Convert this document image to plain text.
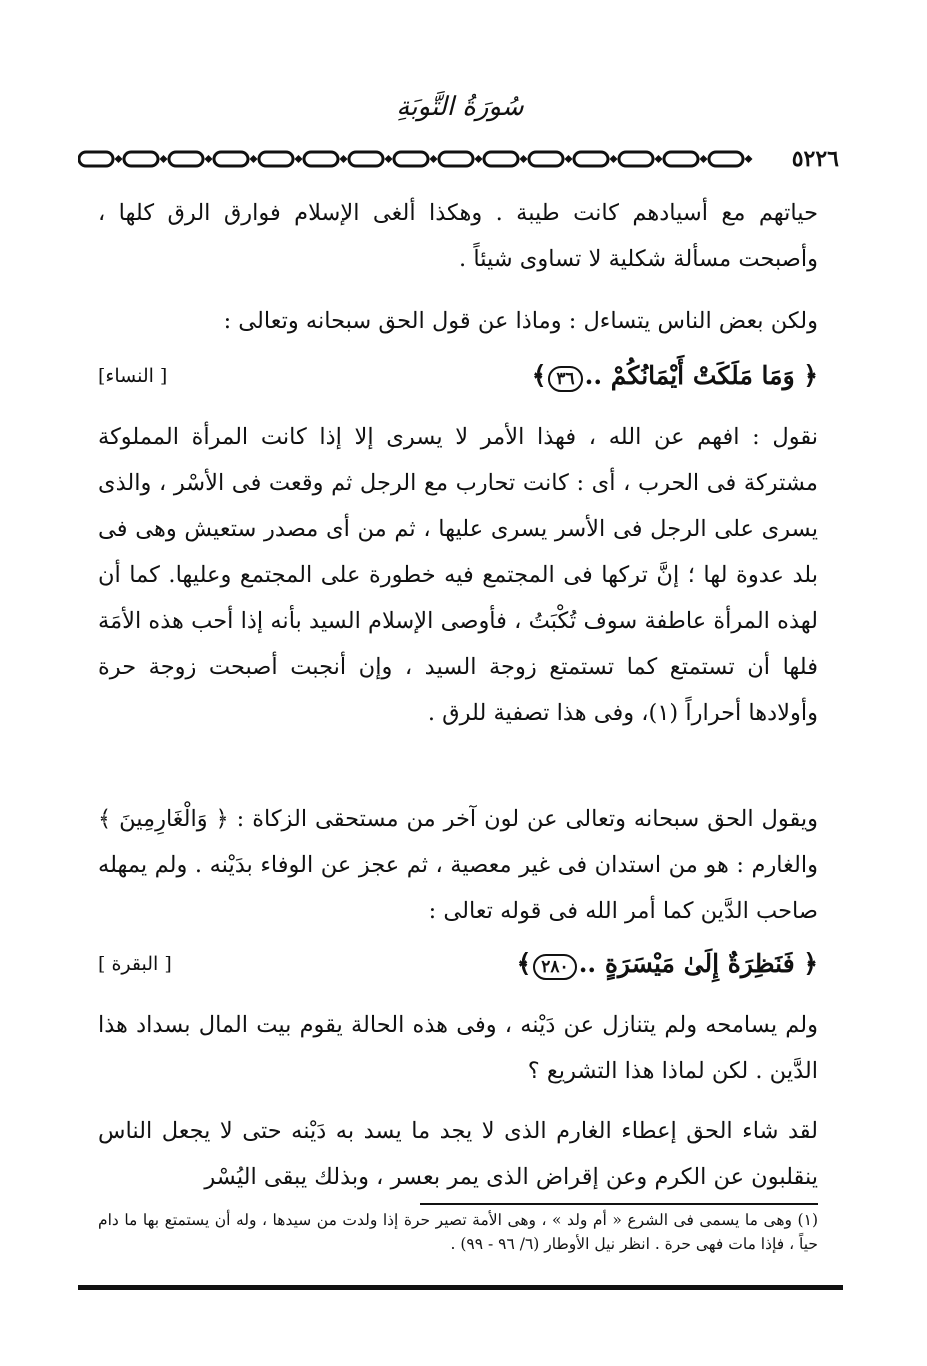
سُورَةُ التَّوبَةِ
٥٢٢٦
حياتهم مع أسيادهم كانت طيبة . وهكذا ألغى الإسلام فوارق الرق كلها ، وأصبحت مسألة شكلية لا تساوى شيئاً .
ولكن بعض الناس يتساءل : وماذا عن قول الحق سبحانه وتعالى :
﴿ وَمَا مَلَكَتْ أَيْمَانُكُمْ ..٣٦﴾
[ النساء]
نقول : افهم عن الله ، فهذا الأمر لا يسرى إلا إذا كانت المرأة المملوكة مشتركة فى الحرب ، أى : كانت تحارب مع الرجل ثم وقعت فى الأسْر ، والذى يسرى على الرجل فى الأسر يسرى عليها ، ثم من أى مصدر ستعيش وهى فى بلد عدوة لها ؛ إنَّ تركها فى المجتمع فيه خطورة على المجتمع وعليها. كما أن لهذه المرأة عاطفة سوف تُكْبَتُ ، فأوصى الإسلام السيد بأنه إذا أحب هذه الأمَة فلها أن تستمتع كما تستمتع زوجة السيد ، وإن أنجبت أصبحت زوجة حرة وأولادها أحراراً (١)، وفى هذا تصفية للرق .
ويقول الحق سبحانه وتعالى عن لون آخر من مستحقى الزكاة : ﴿ وَالْغَارِمِينَ ﴾ والغارم : هو من استدان فى غير معصية ، ثم عجز عن الوفاء بدَيْنه . ولم يمهله صاحب الدَّين كما أمر الله فى قوله تعالى :
﴿ فَنَظِرَةٌ إِلَىٰ مَيْسَرَةٍ ..٢٨٠﴾
[ البقرة ]
ولم يسامحه ولم يتنازل عن دَيْنه ، وفى هذه الحالة يقوم بيت المال بسداد هذا الدَّين . لكن لماذا هذا التشريع ؟
لقد شاء الحق إعطاء الغارم الذى لا يجد ما يسد به دَيْنه حتى لا يجعل الناس ينقلبون عن الكرم وعن إقراض الذى يمر بعسر ، وبذلك يبقى اليُسْر
(١) وهى ما يسمى فى الشرع « أم ولد » ، وهى الأمة تصير حرة إذا ولدت من سيدها ، وله أن يستمتع بها ما دام حياً ، فإذا مات فهى حرة . انظر نيل الأوطار (٦/ ٩٦ - ٩٩) .
